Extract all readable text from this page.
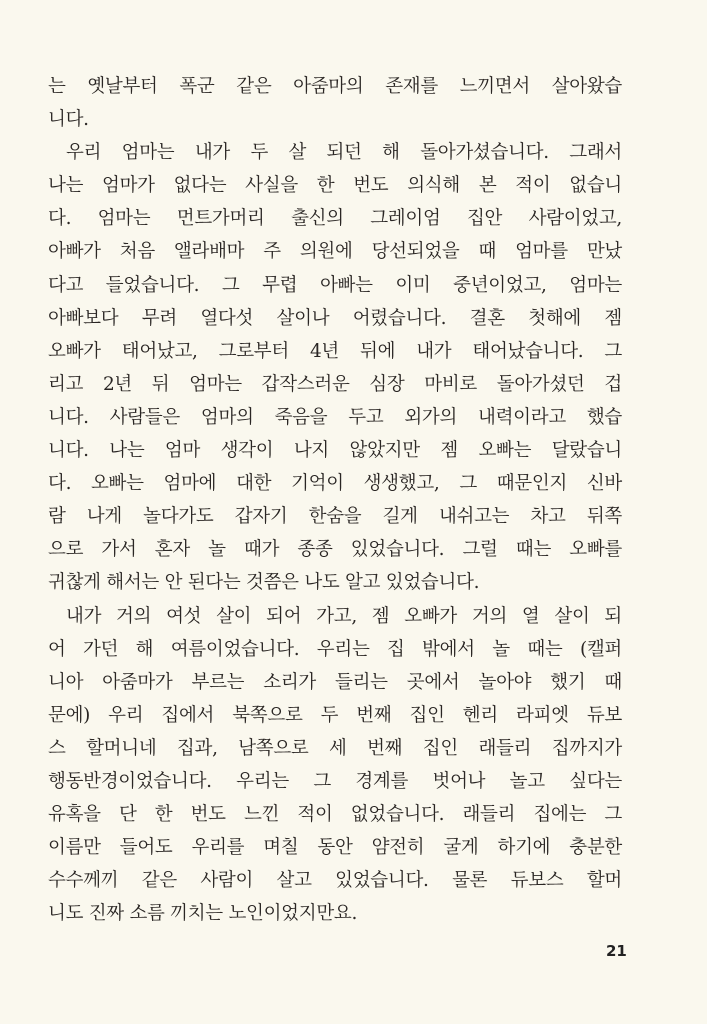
는 옛날부터 폭군 같은 아줌마의 존재를 느끼면서 살아왔습
니다.
우리 엄마는 내가 두 살 되던 해 돌아가셨습니다. 그래서
나는 엄마가 없다는 사실을 한 번도 의식해 본 적이 없습니
다. 엄마는 먼트가머리 출신의 그레이엄 집안 사람이었고,
아빠가 처음 앨라배마 주 의원에 당선되었을 때 엄마를 만났
다고 들었습니다. 그 무렵 아빠는 이미 중년이었고, 엄마는
아빠보다 무려 열다섯 살이나 어렸습니다. 결혼 첫해에 젬
오빠가 태어났고, 그로부터 4년 뒤에 내가 태어났습니다. 그
리고 2년 뒤 엄마는 갑작스러운 심장 마비로 돌아가셨던 겁
니다. 사람들은 엄마의 죽음을 두고 외가의 내력이라고 했습
니다. 나는 엄마 생각이 나지 않았지만 젬 오빠는 달랐습니
다. 오빠는 엄마에 대한 기억이 생생했고, 그 때문인지 신바
람 나게 놀다가도 갑자기 한숨을 길게 내쉬고는 차고 뒤쪽
으로 가서 혼자 놀 때가 종종 있었습니다. 그럴 때는 오빠를
귀찮게 해서는 안 된다는 것쯤은 나도 알고 있었습니다.
내가 거의 여섯 살이 되어 가고, 젬 오빠가 거의 열 살이 되
어 가던 해 여름이었습니다. 우리는 집 밖에서 놀 때는 (캘퍼
니아 아줌마가 부르는 소리가 들리는 곳에서 놀아야 했기 때
문에) 우리 집에서 북쪽으로 두 번째 집인 헨리 라피엣 듀보
스 할머니네 집과, 남쪽으로 세 번째 집인 래들리 집까지가
행동반경이었습니다. 우리는 그 경계를 벗어나 놀고 싶다는
유혹을 단 한 번도 느낀 적이 없었습니다. 래들리 집에는 그
이름만 들어도 우리를 며칠 동안 얌전히 굴게 하기에 충분한
수수께끼 같은 사람이 살고 있었습니다. 물론 듀보스 할머
니도 진짜 소름 끼치는 노인이었지만요.
21
